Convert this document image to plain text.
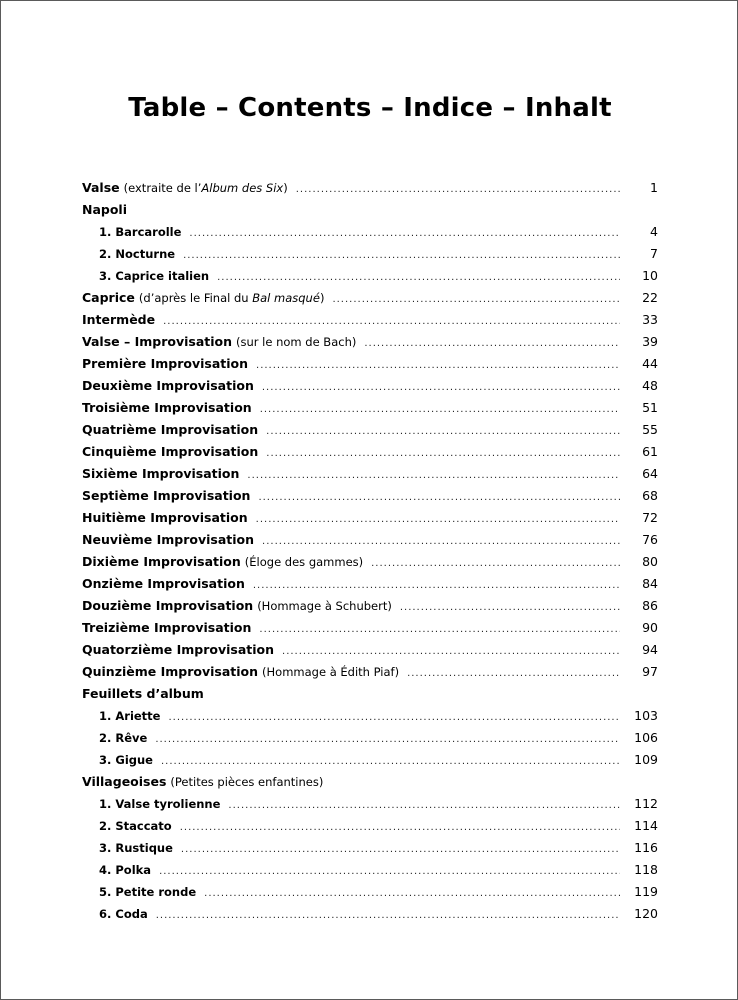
Table – Contents – Indice – Inhalt
Valse (extraite de l’Album des Six) .....	1
Napoli
1. Barcarolle .....	4
2. Nocturne .....	7
3. Caprice italien .....	10
Caprice (d’après le Final du Bal masqué) .....	22
Intermède .....	33
Valse – Improvisation (sur le nom de Bach) .....	39
Première Improvisation .....	44
Deuxième Improvisation .....	48
Troisième Improvisation .....	51
Quatrième Improvisation .....	55
Cinquième Improvisation .....	61
Sixième Improvisation .....	64
Septième Improvisation .....	68
Huitième Improvisation .....	72
Neuvième Improvisation .....	76
Dixième Improvisation (Éloge des gammes) .....	80
Onzième Improvisation .....	84
Douzième Improvisation (Hommage à Schubert) .....	86
Treizième Improvisation .....	90
Quatorzième Improvisation .....	94
Quinzième Improvisation (Hommage à Édith Piaf) .....	97
Feuillets d’album
1. Ariette .....	103
2. Rêve .....	106
3. Gigue .....	109
Villageoises (Petites pièces enfantines)
1. Valse tyrolienne .....	112
2. Staccato .....	114
3. Rustique .....	116
4. Polka .....	118
5. Petite ronde .....	119
6. Coda .....	120
